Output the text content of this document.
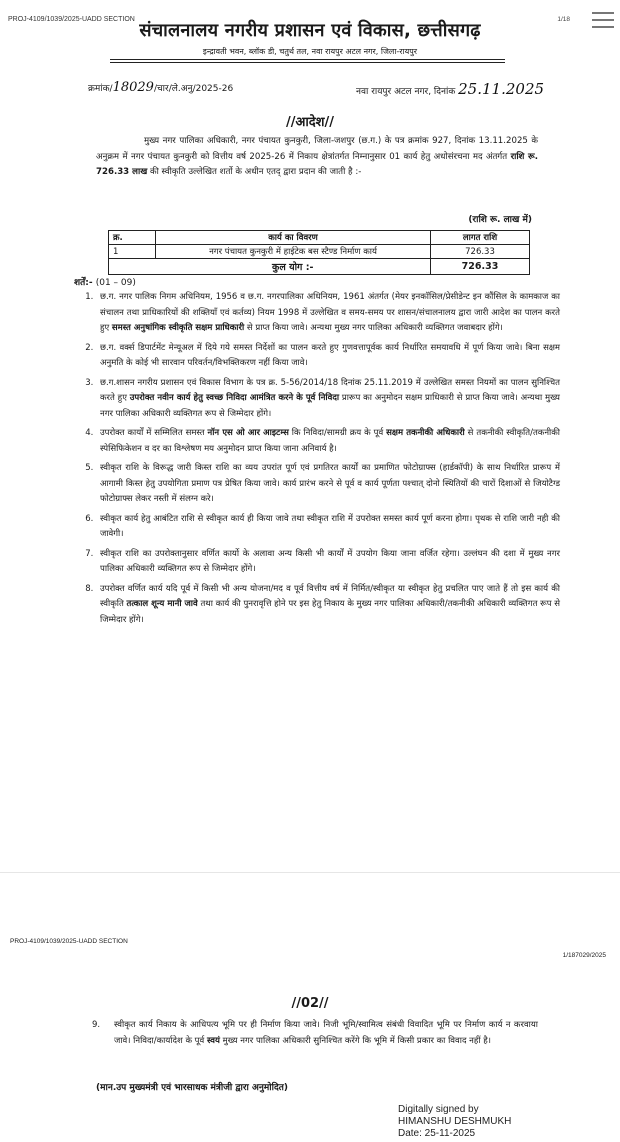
PROJ-4109/1039/2025-UADD SECTION	1/18
संचालनालय नगरीय प्रशासन एवं विकास, छत्तीसगढ़
इन्द्रावती भवन, ब्लॉक डी, चतुर्थ तल, नवा रायपुर अटल नगर, जिला-रायपुर
क्रमांक/18029/चार/ले.अनु/2025-26	नवा रायपुर अटल नगर, दिनांक 25.11.2025
//आदेश//
मुख्य नगर पालिका अधिकारी, नगर पंचायत कुनकुरी, जिला-जशपुर (छ.ग.) के पत्र क्रमांक 927, दिनांक 13.11.2025 के अनुक्रम में नगर पंचायत कुनकुरी को वित्तीय वर्ष 2025-26 में निकाय क्षेत्रांतर्गत निम्नानुसार 01 कार्य हेतु अधोसंरचना मद अंतर्गत राशि रू. 726.33 लाख की स्वीकृति उल्लेखित शर्तो के अधीन एतद् द्वारा प्रदान की जाती है :-
(राशि रू. लाख में)
क्र.	कार्य का विवरण	लागत राशि
1	नगर पंचायत कुनकुरी में हाईटेक बस स्टैण्ड निर्माण कार्य	726.33
	कुल योग :-	726.33
शर्तें:- (01 – 09)
1. छ.ग. नगर पालिक निगम अधिनियम, 1956 व छ.ग. नगरपालिका अधिनियम, 1961 अंतर्गत (मेयर इनकॉसिल/प्रेसीडेन्ट इन कौंसिल के कामकाज का संचालन तथा प्राधिकारियों की शक्तियाँ एवं कर्तव्य) नियम 1998 में उल्लेखित व समय-समय पर शासन/संचालनालय द्वारा जारी आदेश का पालन करते हुए समस्त अनुषांगिक स्वीकृति सक्षम प्राधिकारी से प्राप्त किया जावे। अन्यथा मुख्य नगर पालिका अधिकारी व्यक्तिगत जवाबदार होंगे।
2. छ.ग. वर्क्स डिपार्टमेंट मेन्यूअल में दिये गये समस्त निर्देशों का पालन करते हुए गुणवत्तापूर्वक कार्य निर्धारित समयावधि में पूर्ण किया जावे। बिना सक्षम अनुमति के कोई भी सारवान परिवर्तन/विभक्तिकरण नहीं किया जावे।
3. छ.ग.शासन नगरीय प्रशासन एवं विकास विभाग के पत्र क्र. 5-56/2014/18 दिनांक 25.11.2019 में उल्लेखित समस्त नियमों का पालन सुनिश्चित करते हुए उपरोक्त नवीन कार्य हेतु स्वच्छ निविदा आमंत्रित करने के पूर्व निविदा प्रारूप का अनुमोदन सक्षम प्राधिकारी से प्राप्त किया जावे। अन्यथा मुख्य नगर पालिका अधिकारी व्यक्तिगत रूप से जिम्मेदार होंगे।
4. उपरोक्त कार्यों में सम्मिलित समस्त नॉन एस ओ आर आइटम्स कि निविदा/सामग्री क्रय के पूर्व सक्षम तकनीकी अधिकारी से तकनीकी स्वीकृति/तकनीकी स्पेसिफिकेशन व दर का विश्लेषण मय अनुमोदन प्राप्त किया जाना अनिवार्य है।
5. स्वीकृत राशि के विरूद्ध जारी किस्त राशि का व्यय उपरांत पूर्ण एवं प्रगतिरत कार्यों का प्रमाणित फोटोग्राफ्स (हार्डकॉपी) के साथ निर्धारित प्रारूप में आगामी किस्त हेतु उपयोगिता प्रमाण पत्र प्रेषित किया जावे। कार्य प्रारंभ करने से पूर्व व कार्य पूर्णता पश्चात् दोनो स्थितियों की चारों दिशाओं से जियोटैग्ड फोटोग्राफ्स लेकर नस्ती में संलग्न करे।
6. स्वीकृत कार्य हेतु आबंटित राशि से स्वीकृत कार्य ही किया जावे तथा स्वीकृत राशि में उपरोक्त समस्त कार्य पूर्ण करना होगा। पृथक से राशि जारी नही की जावेगी।
7. स्वीकृत राशि का उपरोक्तानुसार वर्णित कार्यो के अलावा अन्य किसी भी कार्यों में उपयोग किया जाना वर्जित रहेगा। उल्लंघन की दशा में मुख्य नगर पालिका अधिकारी व्यक्तिगत रूप से जिम्मेदार होंगे।
8. उपरोक्त वर्णित कार्य यदि पूर्व में किसी भी अन्य योजना/मद व पूर्व वित्तीय वर्ष में निर्मित/स्वीकृत या स्वीकृत हेतु प्रचलित पाए जाते हैं तो इस कार्य की स्वीकृति तत्काल शून्य मानी जावे तथा कार्य की पुनरावृत्ति होने पर इस हेतु निकाय के मुख्य नगर पालिका अधिकारी/तकनीकी अधिकारी व्यक्तिगत रूप से जिम्मेदार होंगे।
PROJ-4109/1039/2025-UADD SECTION
1/187029/2025
//02//
9. स्वीकृत कार्य निकाय के आधिपत्य भूमि पर ही निर्माण किया जावे। निजी भूमि/स्वामित्व संबंधी विवादित भूमि पर निर्माण कार्य न करवाया जावे। निविदा/कार्यादेश के पूर्व स्वयं मुख्य नगर पालिका अधिकारी सुनिश्चित करेंगे कि भूमि में किसी प्रकार का विवाद नहीं है।
(मान.उप मुख्यमंत्री एवं भारसाधक मंत्रीजी द्वारा अनुमोदित)
Digitally signed by
HIMANSHU DESHMUKH
Date: 25-11-2025
